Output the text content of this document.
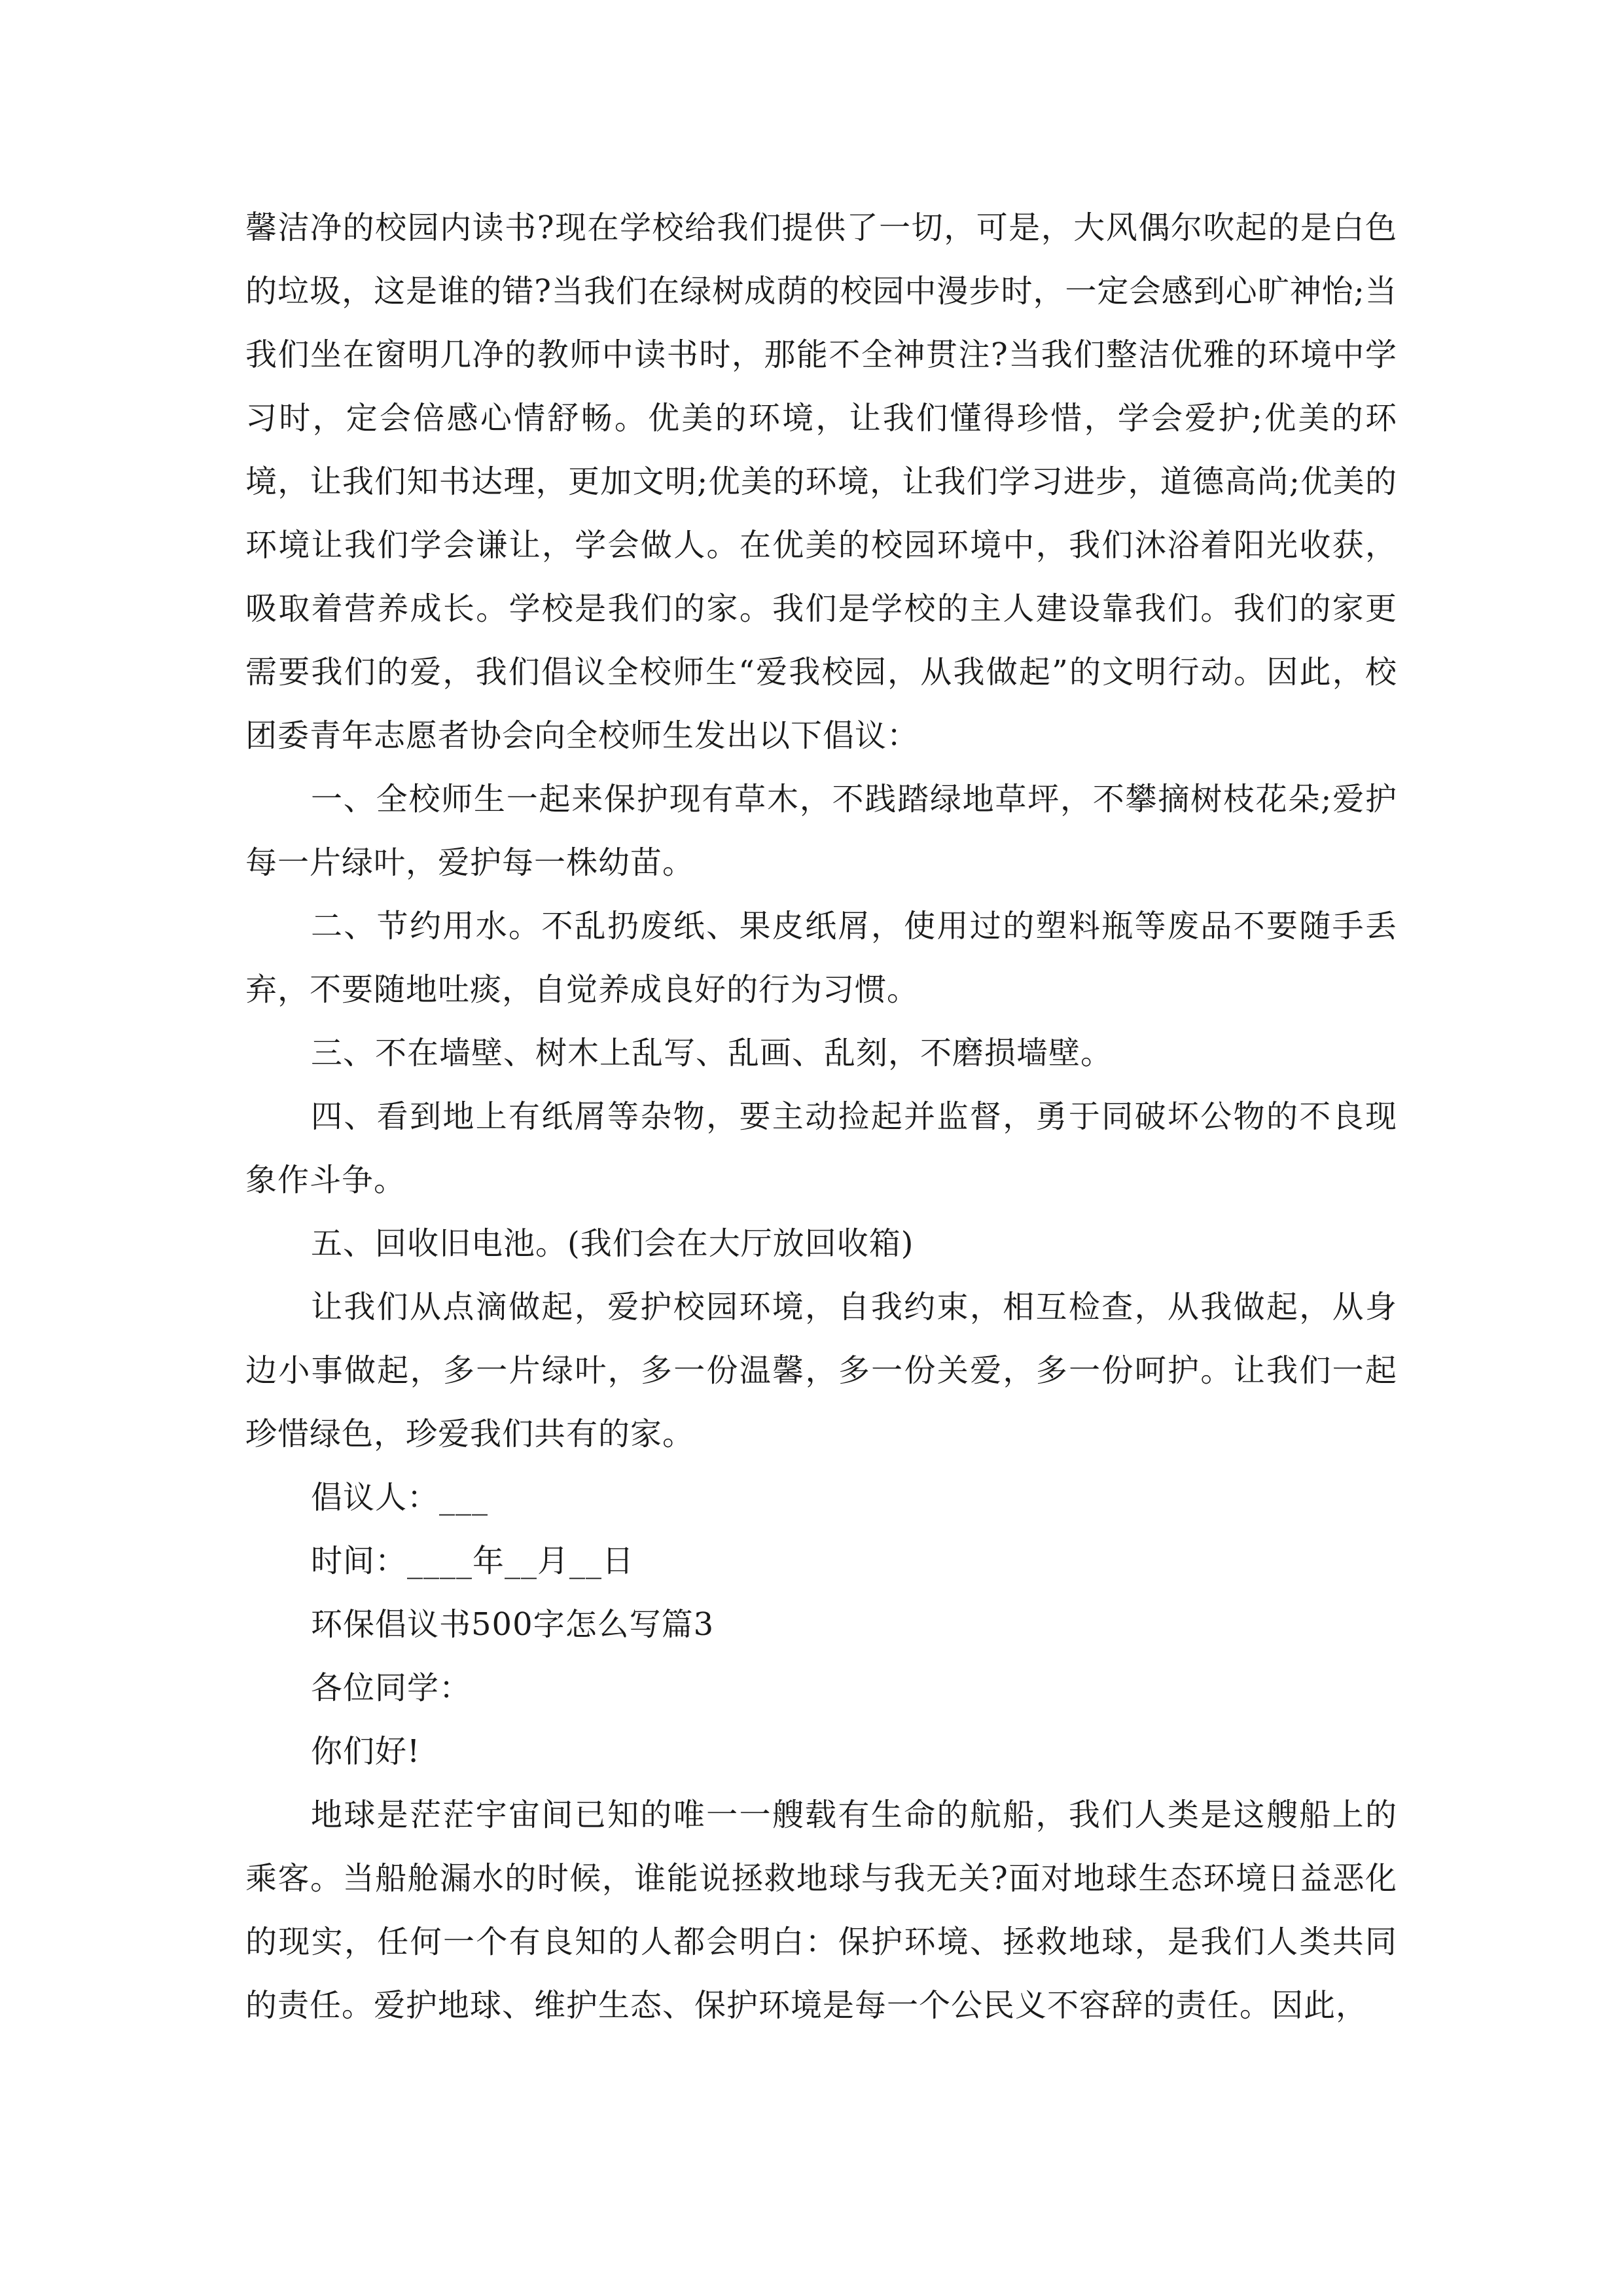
馨洁净的校园内读书?现在学校给我们提供了一切，可是，大风偶尔吹起的是白色的垃圾，这是谁的错?当我们在绿树成荫的校园中漫步时，一定会感到心旷神怡;当我们坐在窗明几净的教师中读书时，那能不全神贯注?当我们整洁优雅的环境中学习时，定会倍感心情舒畅。优美的环境，让我们懂得珍惜，学会爱护;优美的环境，让我们知书达理，更加文明;优美的环境，让我们学习进步，道德高尚;优美的环境让我们学会谦让，学会做人。在优美的校园环境中，我们沐浴着阳光收获，吸取着营养成长。学校是我们的家。我们是学校的主人建设靠我们。我们的家更需要我们的爱，我们倡议全校师生“爱我校园，从我做起”的文明行动。因此，校团委青年志愿者协会向全校师生发出以下倡议：

一、全校师生一起来保护现有草木，不践踏绿地草坪，不攀摘树枝花朵;爱护每一片绿叶，爱护每一株幼苗。

二、节约用水。不乱扔废纸、果皮纸屑，使用过的塑料瓶等废品不要随手丢弃，不要随地吐痰，自觉养成良好的行为习惯。

三、不在墙壁、树木上乱写、乱画、乱刻，不磨损墙壁。

四、看到地上有纸屑等杂物，要主动捡起并监督，勇于同破坏公物的不良现象作斗争。

五、回收旧电池。(我们会在大厅放回收箱)

让我们从点滴做起，爱护校园环境，自我约束，相互检查，从我做起，从身边小事做起，多一片绿叶，多一份温馨，多一份关爱，多一份呵护。让我们一起珍惜绿色，珍爱我们共有的家。

倡议人：___

时间：____年__月__日

环保倡议书500字怎么写篇3

各位同学：

你们好!

地球是茫茫宇宙间已知的唯一一艘载有生命的航船，我们人类是这艘船上的乘客。当船舱漏水的时候，谁能说拯救地球与我无关?面对地球生态环境日益恶化的现实，任何一个有良知的人都会明白：保护环境、拯救地球，是我们人类共同的责任。爱护地球、维护生态、保护环境是每一个公民义不容辞的责任。因此，
